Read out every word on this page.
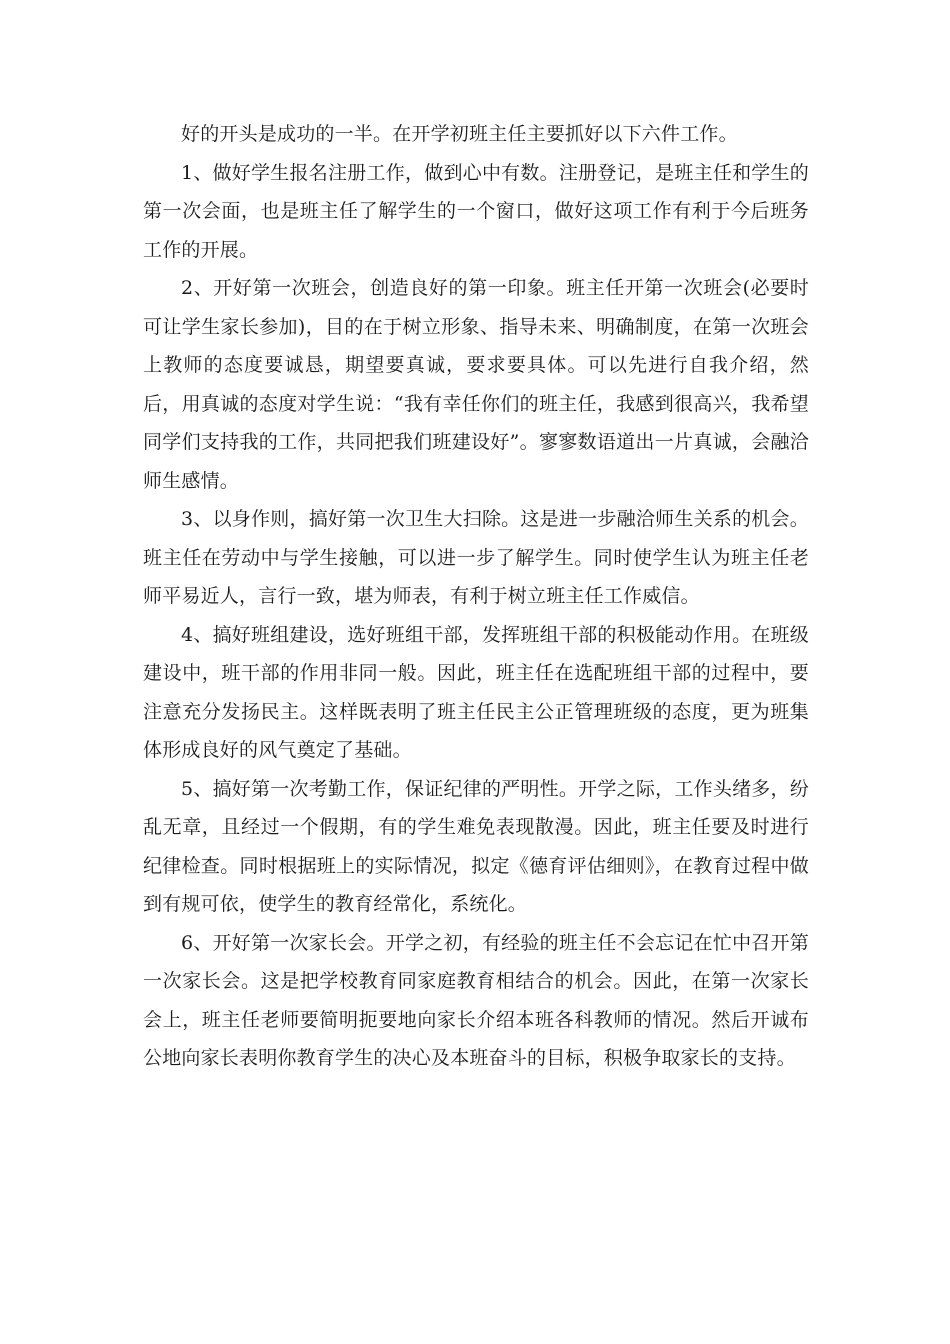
好的开头是成功的一半。在开学初班主任主要抓好以下六件工作。

1、做好学生报名注册工作，做到心中有数。注册登记，是班主任和学生的第一次会面，也是班主任了解学生的一个窗口，做好这项工作有利于今后班务工作的开展。

2、开好第一次班会，创造良好的第一印象。班主任开第一次班会(必要时可让学生家长参加)，目的在于树立形象、指导未来、明确制度，在第一次班会上教师的态度要诚恳，期望要真诚，要求要具体。可以先进行自我介绍，然后，用真诚的态度对学生说：“我有幸任你们的班主任，我感到很高兴，我希望同学们支持我的工作，共同把我们班建设好”。寥寥数语道出一片真诚，会融洽师生感情。

3、以身作则，搞好第一次卫生大扫除。这是进一步融洽师生关系的机会。班主任在劳动中与学生接触，可以进一步了解学生。同时使学生认为班主任老师平易近人，言行一致，堪为师表，有利于树立班主任工作威信。

4、搞好班组建设，选好班组干部，发挥班组干部的积极能动作用。在班级建设中，班干部的作用非同一般。因此，班主任在选配班组干部的过程中，要注意充分发扬民主。这样既表明了班主任民主公正管理班级的态度，更为班集体形成良好的风气奠定了基础。

5、搞好第一次考勤工作，保证纪律的严明性。开学之际，工作头绪多，纷乱无章，且经过一个假期，有的学生难免表现散漫。因此，班主任要及时进行纪律检查。同时根据班上的实际情况，拟定《德育评估细则》，在教育过程中做到有规可依，使学生的教育经常化，系统化。

6、开好第一次家长会。开学之初，有经验的班主任不会忘记在忙中召开第一次家长会。这是把学校教育同家庭教育相结合的机会。因此，在第一次家长会上，班主任老师要简明扼要地向家长介绍本班各科教师的情况。然后开诚布公地向家长表明你教育学生的决心及本班奋斗的目标，积极争取家长的支持。
